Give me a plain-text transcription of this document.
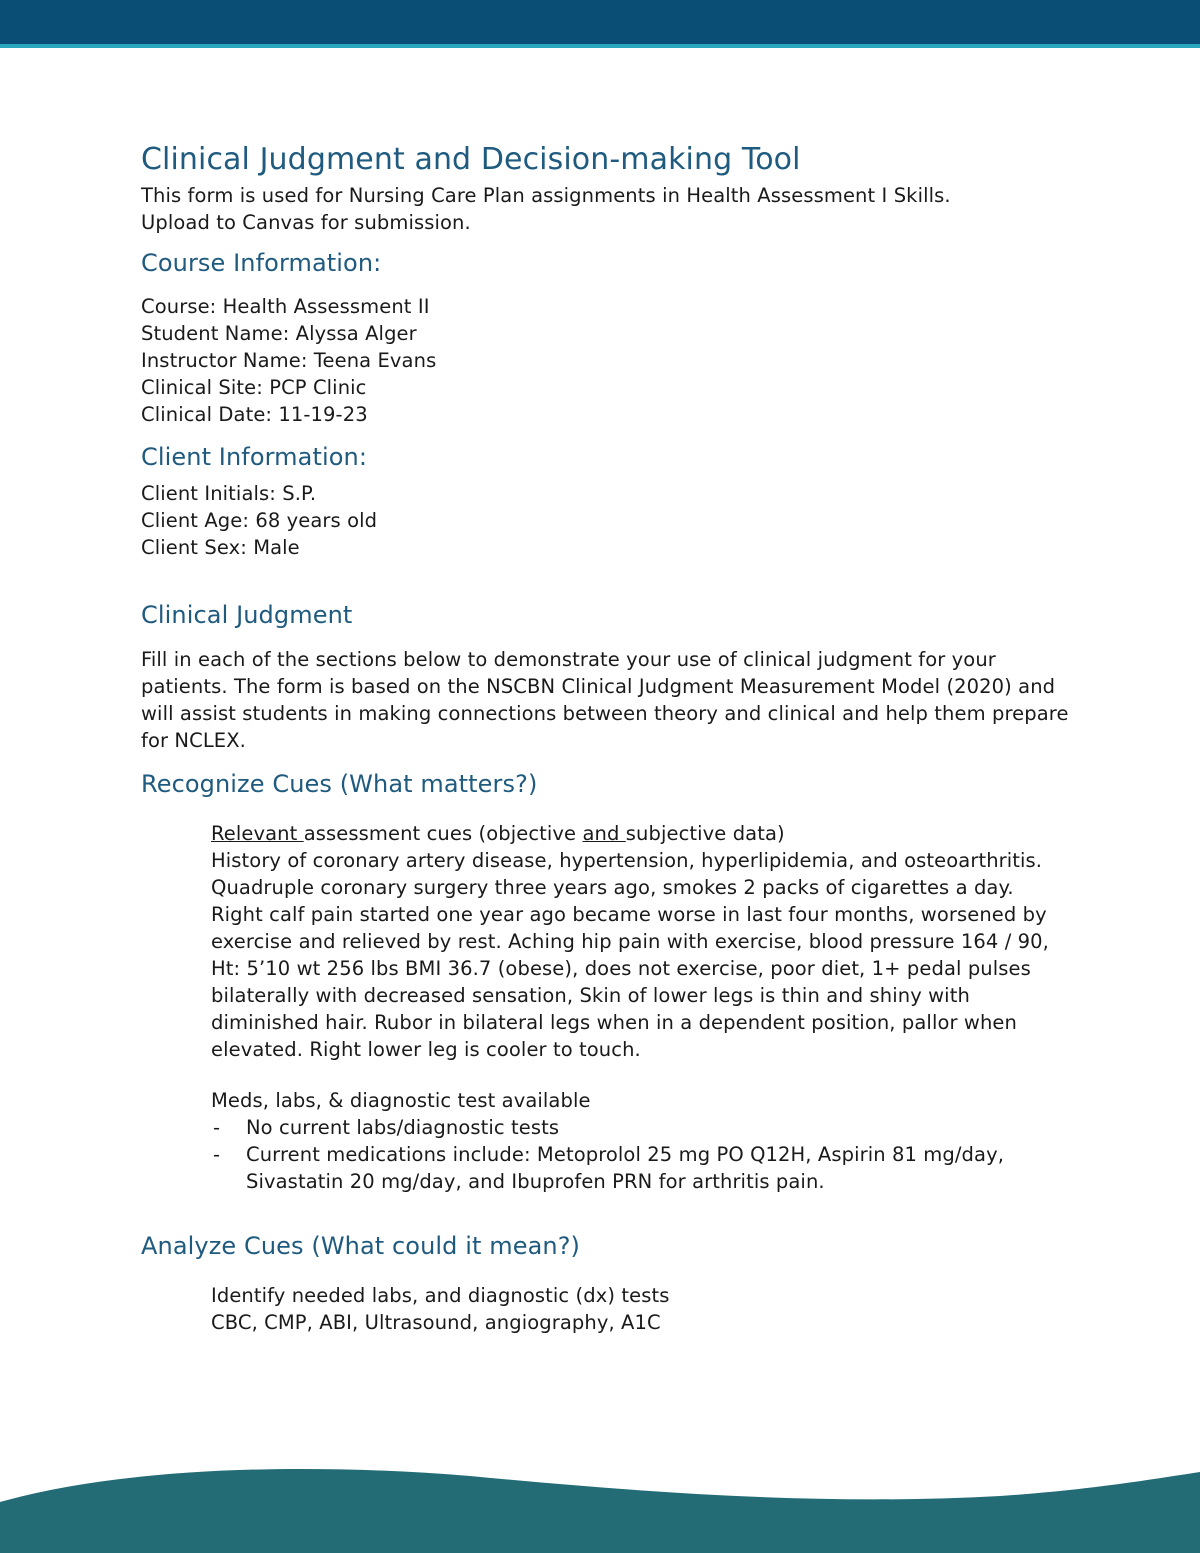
Clinical Judgment and Decision-making Tool

This form is used for Nursing Care Plan assignments in Health Assessment I Skills.

Upload to Canvas for submission.

Course Information:

Course: Health Assessment II

Student Name: Alyssa Alger

Instructor Name: Teena Evans

Clinical Site: PCP Clinic

Clinical Date: 11-19-23

Client Information:

Client Initials: S.P.

Client Age: 68 years old

Client Sex: Male

Clinical Judgment

Fill in each of the sections below to demonstrate your use of clinical judgment for your patients. The form is based on the NSCBN Clinical Judgment Measurement Model (2020) and will assist students in making connections between theory and clinical and help them prepare for NCLEX.

Recognize Cues (What matters?)

Relevant assessment cues (objective and subjective data)

History of coronary artery disease, hypertension, hyperlipidemia, and osteoarthritis. Quadruple coronary surgery three years ago, smokes 2 packs of cigarettes a day. Right calf pain started one year ago became worse in last four months, worsened by exercise and relieved by rest. Aching hip pain with exercise, blood pressure 164 / 90, Ht: 5’10 wt 256 lbs BMI 36.7 (obese), does not exercise, poor diet, 1+ pedal pulses bilaterally with decreased sensation, Skin of lower legs is thin and shiny with diminished hair. Rubor in bilateral legs when in a dependent position, pallor when elevated. Right lower leg is cooler to touch.

Meds, labs, & diagnostic test available

- No current labs/diagnostic tests
- Current medications include: Metoprolol 25 mg PO Q12H, Aspirin 81 mg/day, Sivastatin 20 mg/day, and Ibuprofen PRN for arthritis pain.
Analyze Cues (What could it mean?)

Identify needed labs, and diagnostic (dx) tests

CBC, CMP, ABI, Ultrasound, angiography, A1C
